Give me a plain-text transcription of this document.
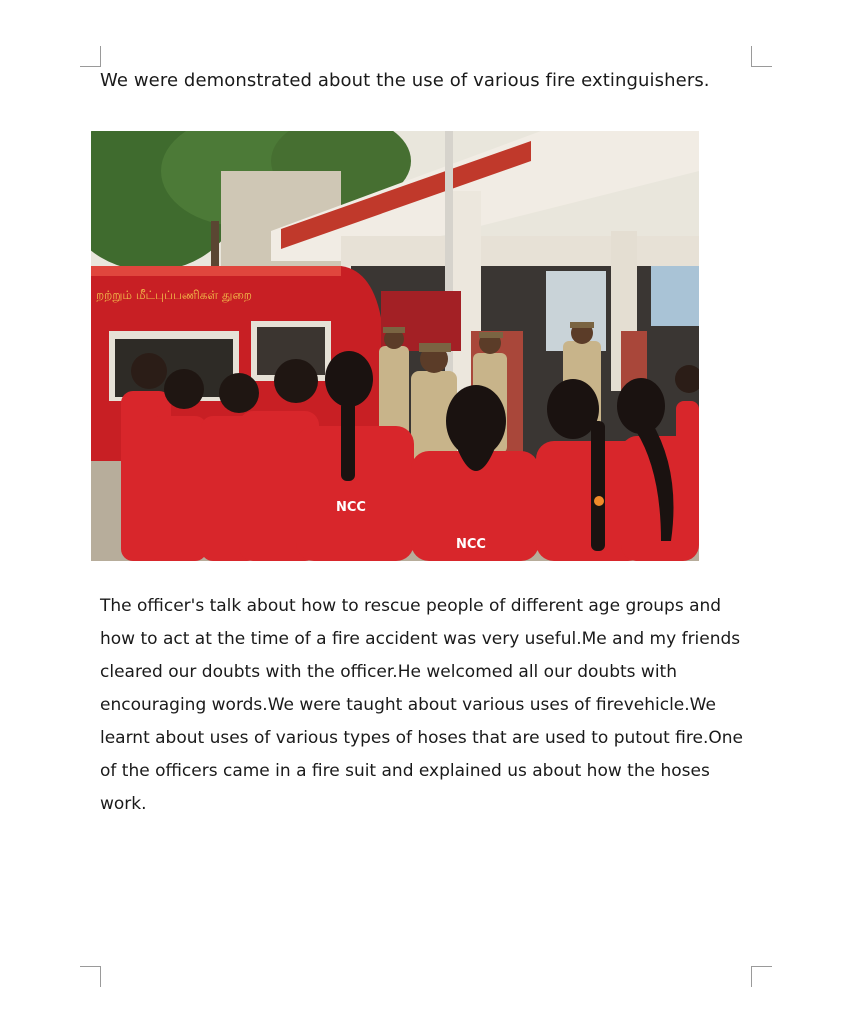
We were demonstrated about the use of various fire extinguishers.

றற்றும் மீட்புப்பணிகள் துறை
NCC
NCC

The officer's talk about how to rescue people of different age groups and how to act at the time of a fire accident was very useful.Me and my friends cleared our doubts with the officer.He welcomed all our doubts with encouraging words.We were taught about various uses of firevehicle.We learnt about uses of various types of hoses that are used to putout fire.One of the officers came in a fire suit and explained us about how the hoses work.
